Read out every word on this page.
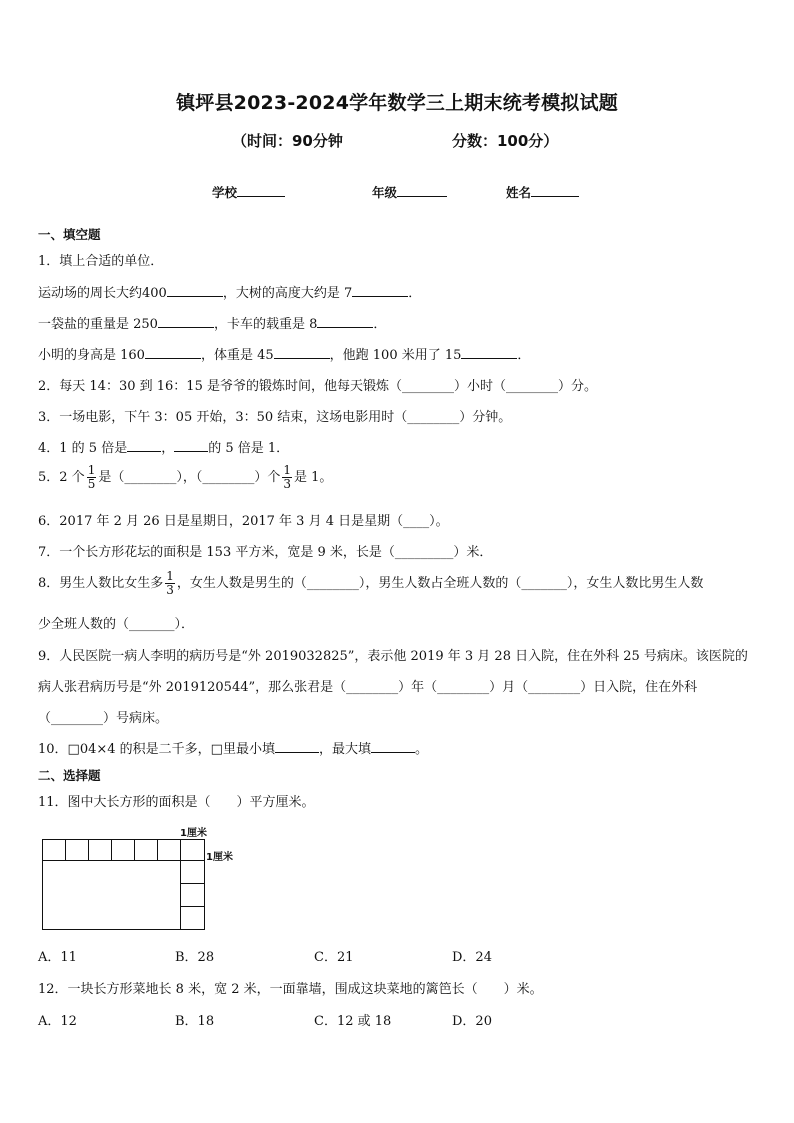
镇坪县2023-2024学年数学三上期末统考模拟试题
（时间：90分钟	分数：100分）
学校	年级	姓名
一、填空题
1．填上合适的单位．
运动场的周长大约400	，大树的高度大约是 7	．
一袋盐的重量是 250	，卡车的载重是 8	．
小明的身高是 160	，体重是 45	，他跑 100 米用了 15	．
2．每天 14：30 到 16：15 是爷爷的锻炼时间，他每天锻炼（________）小时（________）分。
3．一场电影，下午 3：05 开始，3：50 结束，这场电影用时（________）分钟。
4．1 的 5 倍是	，	的 5 倍是 1．
5．2 个 $\frac{1}{5}$ 是（________），（________）个 $\frac{1}{3}$ 是 1。
6．2017 年 2 月 26 日是星期日，2017 年 3 月 4 日是星期（____）。
7．一个长方形花坛的面积是 153 平方米，宽是 9 米，长是（_________）米．
8．男生人数比女生多 $\frac{1}{3}$ ，女生人数是男生的（________），男生人数占全班人数的（_______），女生人数比男生人数
少全班人数的（_______）．
9．人民医院一病人李明的病历号是“外 2019032825”，表示他 2019 年 3 月 28 日入院，住在外科 25 号病床。该医院的
病人张君病历号是“外 2019120544”，那么张君是（________）年（________）月（________）日入院，住在外科
（________）号病床。
10．□04×4 的积是二千多，□里最小填	，最大填	。
二、选择题
11．图中大长方形的面积是（　　）平方厘米。
1厘米
1厘米
A．11	B．28	C．21	D．24
12．一块长方形菜地长 8 米，宽 2 米，一面靠墙，围成这块菜地的篱笆长（　　）米。
A．12	B．18	C．12 或 18	D．20
